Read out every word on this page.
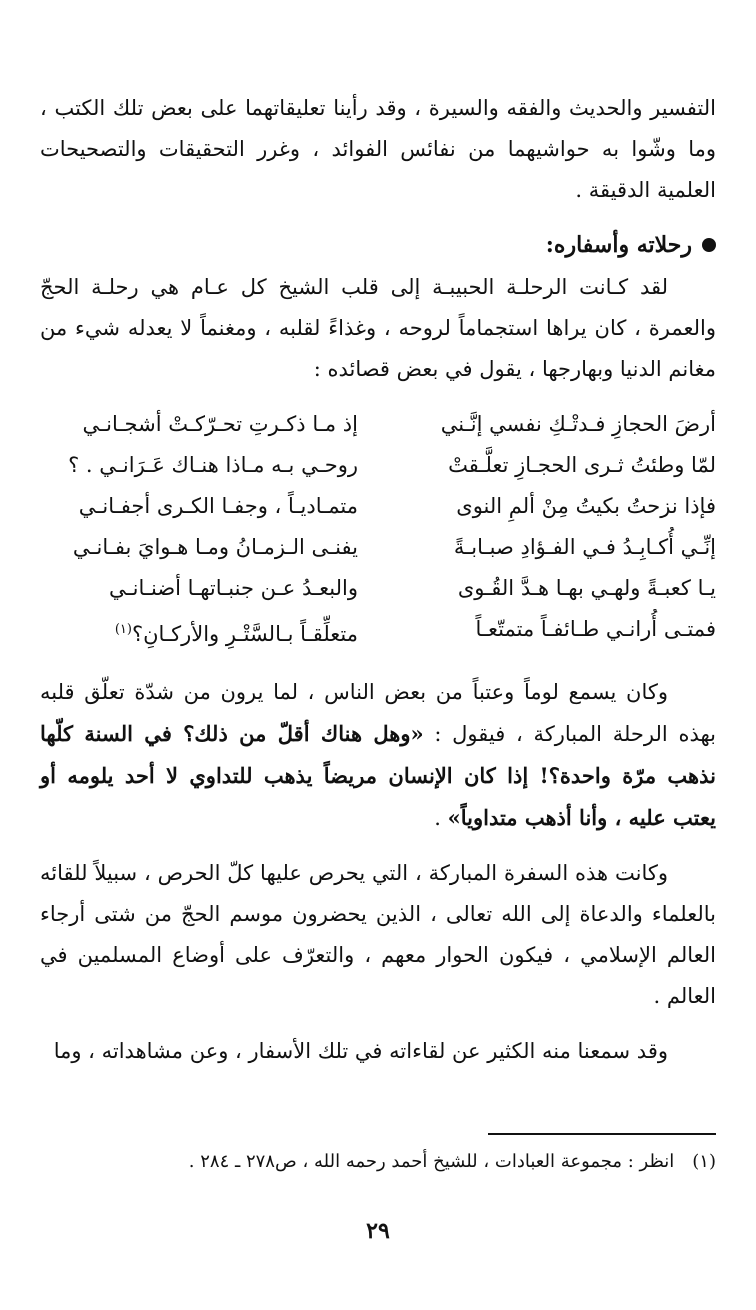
التفسير والحديث والفقه والسيرة ، وقد رأينا تعليقاتهما على بعض تلك الكتب ، وما وشّوا به حواشيهما من نفائس الفوائد ، وغرر التحقيقات والتصحيحات العلمية الدقيقة .

رحلاته وأسفاره:

لقد كـانت الرحلـة الحبيبـة إلى قلب الشيخ كل عـام هي رحلـة الحجّ والعمرة ، كان يراها استجماماً لروحه ، وغذاءً لقلبه ، ومغنماً لا يعدله شيء من مغانم الدنيا وبهارجها ، يقول في بعض قصائده :

أرضَ الحجازِ فـدتْـكِ نفسي إنَّـني
إذ مـا ذكـرتِ تحـرّكـتْ أشجـانـي
لمّا وطئتُ ثـرى الحجـازِ تعلَّـقتْ
روحـي بـه مـاذا هنـاك عَـرَانـي . ؟
فإذا نزحتُ بكيتُ مِنْ ألمِ النوى
متمـاديـاً ، وجفـا الكـرى أجفـانـي
إنِّـي أُكـابِـدُ فـي الفـؤادِ صبـابـةً
يفنـى الـزمـانُ ومـا هـوايَ بفـانـي
يـا كعبـةً ولهـي بهـا هـدَّ القُـوى
والبعـدُ عـن جنبـاتهـا أضنـانـي
فمتـى أُرانـي طـائفـاً متمتّعـاً
متعلِّقـاً بـالسَّتْـرِ والأركـانِ؟$^{(١)}$

وكان يسمع لوماً وعتباً من بعض الناس ، لما يرون من شدّة تعلّق قلبه بهذه الرحلة المباركة ، فيقول : «وهل هناك أقلّ من ذلك؟ في السنة كلّها نذهب مرّة واحدة؟! إذا كان الإنسان مريضاً يذهب للتداوي لا أحد يلومه أو يعتب عليه ، وأنا أذهب متداوياً» .

وكانت هذه السفرة المباركة ، التي يحرص عليها كلّ الحرص ، سبيلاً للقائه بالعلماء والدعاة إلى الله تعالى ، الذين يحضرون موسم الحجّ من شتى أرجاء العالم الإسلامي ، فيكون الحوار معهم ، والتعرّف على أوضاع المسلمين في العالم .

وقد سمعنا منه الكثير عن لقاءاته في تلك الأسفار ، وعن مشاهداته ، وما

(١)انظر : مجموعة العبادات ، للشيخ أحمد رحمه الله ، ص٢٧٨ ـ ٢٨٤ .
٢٩
